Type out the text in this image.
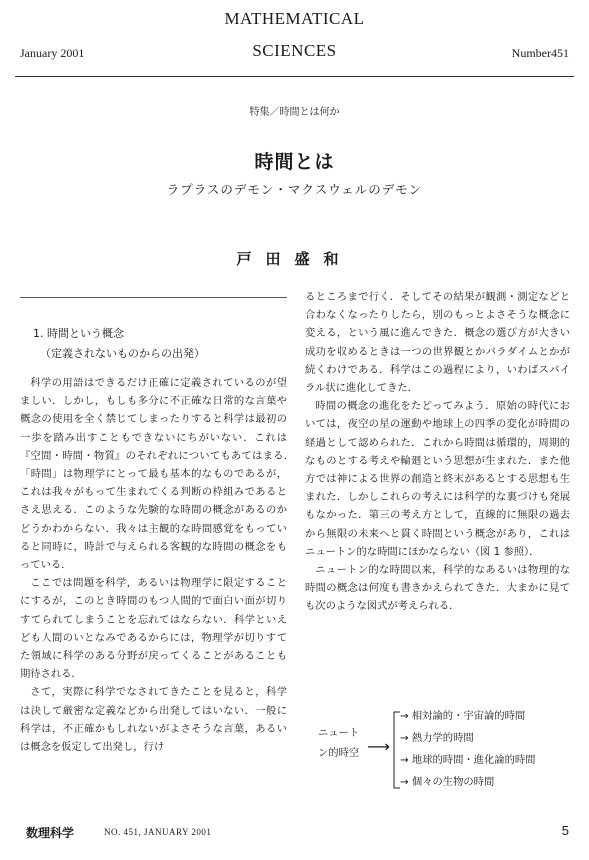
MATHEMATICAL
SCIENCES
January 2001	Number451
特集／時間とは何か
時間とは
ラプラスのデモン・マクスウェルのデモン
戸田盛和
1. 時間という概念
（定義されないものからの出発）

科学の用語はできるだけ正確に定義されているのが望ましい．しかし，もしも多分に不正確な日常的な言葉や概念の使用を全く禁じてしまったりすると科学は最初の一歩を踏み出すこともできないにちがいない．これは『空間・時間・物質』のそれぞれについてもあてはまる.「時間」は物理学にとって最も基本的なものであるが，これは我々がもって生まれてくる判断の枠組みであるとさえ思える．このような先験的な時間の概念があるのかどうかわからない．我々は主観的な時間感覚をもっていると同時に，時計で与えられる客観的な時間の概念をもっている．

ここでは問題を科学，あるいは物理学に限定することにするが，このとき時間のもつ人間的で面白い面が切りすてられてしまうことを忘れてはならない．科学といえども人間のいとなみであるからには，物理学が切りすてた領域に科学のある分野が戻ってくることがあることも期待される．

さて，実際に科学でなされてきたことを見ると，科学は決して厳密な定義などから出発してはいない．一般に科学は，不正確かもしれないがよさそうな言葉，あるいは概念を仮定して出発し，行け

るところまで行く．そしてその結果が観測・測定などと合わなくなったりしたら，別のもっとよさそうな概念に変える，という風に進んできた．概念の選び方が大きい成功を収めるときは一つの世界観とかパラダイムとかが続くわけである．科学はこの過程により，いわばスパイラル状に進化してきた．

時間の概念の進化をたどってみよう．原始の時代においては，夜空の星の運動や地球上の四季の変化が時間の経過として認められた．これから時間は循環的，周期的なものとする考えや輪廻という思想が生まれた．また他方では神による世界の創造と終末があるとする思想も生まれた．しかしこれらの考えには科学的な裏づけも発展もなかった．第三の考え方として，直線的に無限の過去から無限の未来へと貫く時間という概念があり，これはニュートン的な時間にほかならない（図 1 参照）．

ニュートン的な時間以来，科学的なあるいは物理的な時間の概念は何度も書きかえられてきた．大まかに見ても次のような図式が考えられる．

ニュート
ン的時空 ⟶
→ 相対論的・宇宙論的時間
→ 熱力学的時間
→ 地球的時間・進化論的時間
→ 個々の生物の時間
数理科学	NO. 451, JANUARY 2001	5
